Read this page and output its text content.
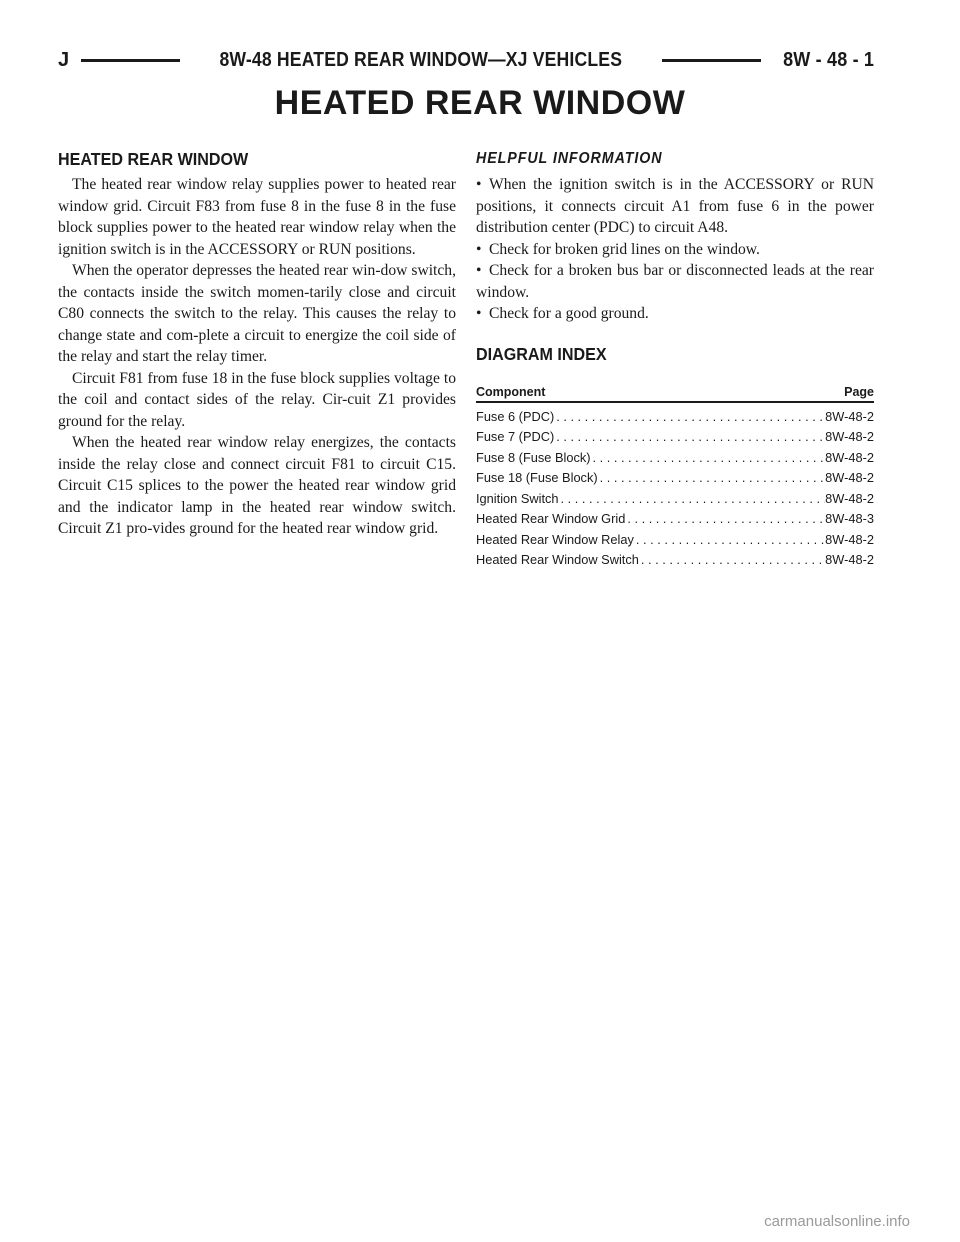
J	8W-48 HEATED REAR WINDOW—XJ VEHICLES	8W - 48 - 1
HEATED REAR WINDOW
HEATED REAR WINDOW

The heated rear window relay supplies power to heated rear window grid. Circuit F83 from fuse 8 in the fuse 8 in the fuse block supplies power to the heated rear window relay when the ignition switch is in the ACCESSORY or RUN positions.

When the operator depresses the heated rear win-dow switch, the contacts inside the switch momen-tarily close and circuit C80 connects the switch to the relay. This causes the relay to change state and com-plete a circuit to energize the coil side of the relay and start the relay timer.

Circuit F81 from fuse 18 in the fuse block supplies voltage to the coil and contact sides of the relay. Cir-cuit Z1 provides ground for the relay.

When the heated rear window relay energizes, the contacts inside the relay close and connect circuit F81 to circuit C15. Circuit C15 splices to the power the heated rear window grid and the indicator lamp in the heated rear window switch. Circuit Z1 pro-vides ground for the heated rear window grid.

HELPFUL INFORMATION

• When the ignition switch is in the ACCESSORY or RUN positions, it connects circuit A1 from fuse 6 in the power distribution center (PDC) to circuit A48.

• Check for broken grid lines on the window.

• Check for a broken bus bar or disconnected leads at the rear window.

• Check for a good ground.

DIAGRAM INDEX
Component	Page
Fuse 6 (PDC) . . .	8W-48-2
Fuse 7 (PDC) . . .	8W-48-2
Fuse 8 (Fuse Block) . . .	8W-48-2
Fuse 18 (Fuse Block) . . .	8W-48-2
Ignition Switch . . .	8W-48-2
Heated Rear Window Grid . . .	8W-48-3
Heated Rear Window Relay . . .	8W-48-2
Heated Rear Window Switch . . .	8W-48-2
carmanualsonline.info
